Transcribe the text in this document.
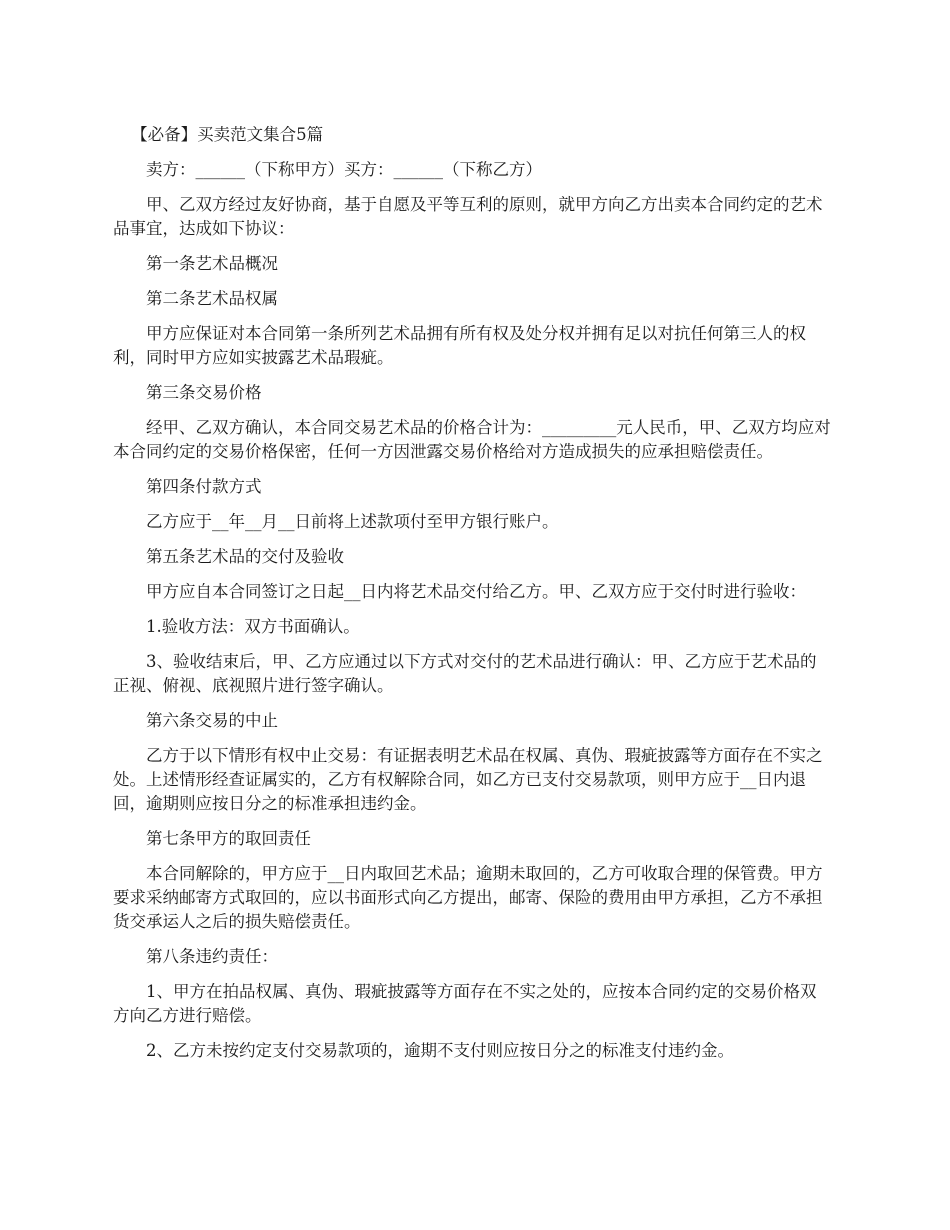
【必备】买卖范文集合5篇

卖方：______（下称甲方）买方：______（下称乙方）

甲、乙双方经过友好协商，基于自愿及平等互利的原则，就甲方向乙方出卖本合同约定的艺术品事宜，达成如下协议：

第一条艺术品概况

第二条艺术品权属

甲方应保证对本合同第一条所列艺术品拥有所有权及处分权并拥有足以对抗任何第三人的权利，同时甲方应如实披露艺术品瑕疵。

第三条交易价格

经甲、乙双方确认，本合同交易艺术品的价格合计为：_________元人民币，甲、乙双方均应对本合同约定的交易价格保密，任何一方因泄露交易价格给对方造成损失的应承担赔偿责任。

第四条付款方式

乙方应于__年__月__日前将上述款项付至甲方银行账户。

第五条艺术品的交付及验收

甲方应自本合同签订之日起__日内将艺术品交付给乙方。甲、乙双方应于交付时进行验收：

1.验收方法：双方书面确认。

3、验收结束后，甲、乙方应通过以下方式对交付的艺术品进行确认：甲、乙方应于艺术品的正视、俯视、底视照片进行签字确认。

第六条交易的中止

乙方于以下情形有权中止交易：有证据表明艺术品在权属、真伪、瑕疵披露等方面存在不实之处。上述情形经查证属实的，乙方有权解除合同，如乙方已支付交易款项，则甲方应于__日内退回，逾期则应按日分之的标准承担违约金。

第七条甲方的取回责任

本合同解除的，甲方应于__日内取回艺术品；逾期未取回的，乙方可收取合理的保管费。甲方要求采纳邮寄方式取回的，应以书面形式向乙方提出，邮寄、保险的费用由甲方承担，乙方不承担货交承运人之后的损失赔偿责任。

第八条违约责任：

1、甲方在拍品权属、真伪、瑕疵披露等方面存在不实之处的，应按本合同约定的交易价格双方向乙方进行赔偿。

2、乙方未按约定支付交易款项的，逾期不支付则应按日分之的标准支付违约金。
